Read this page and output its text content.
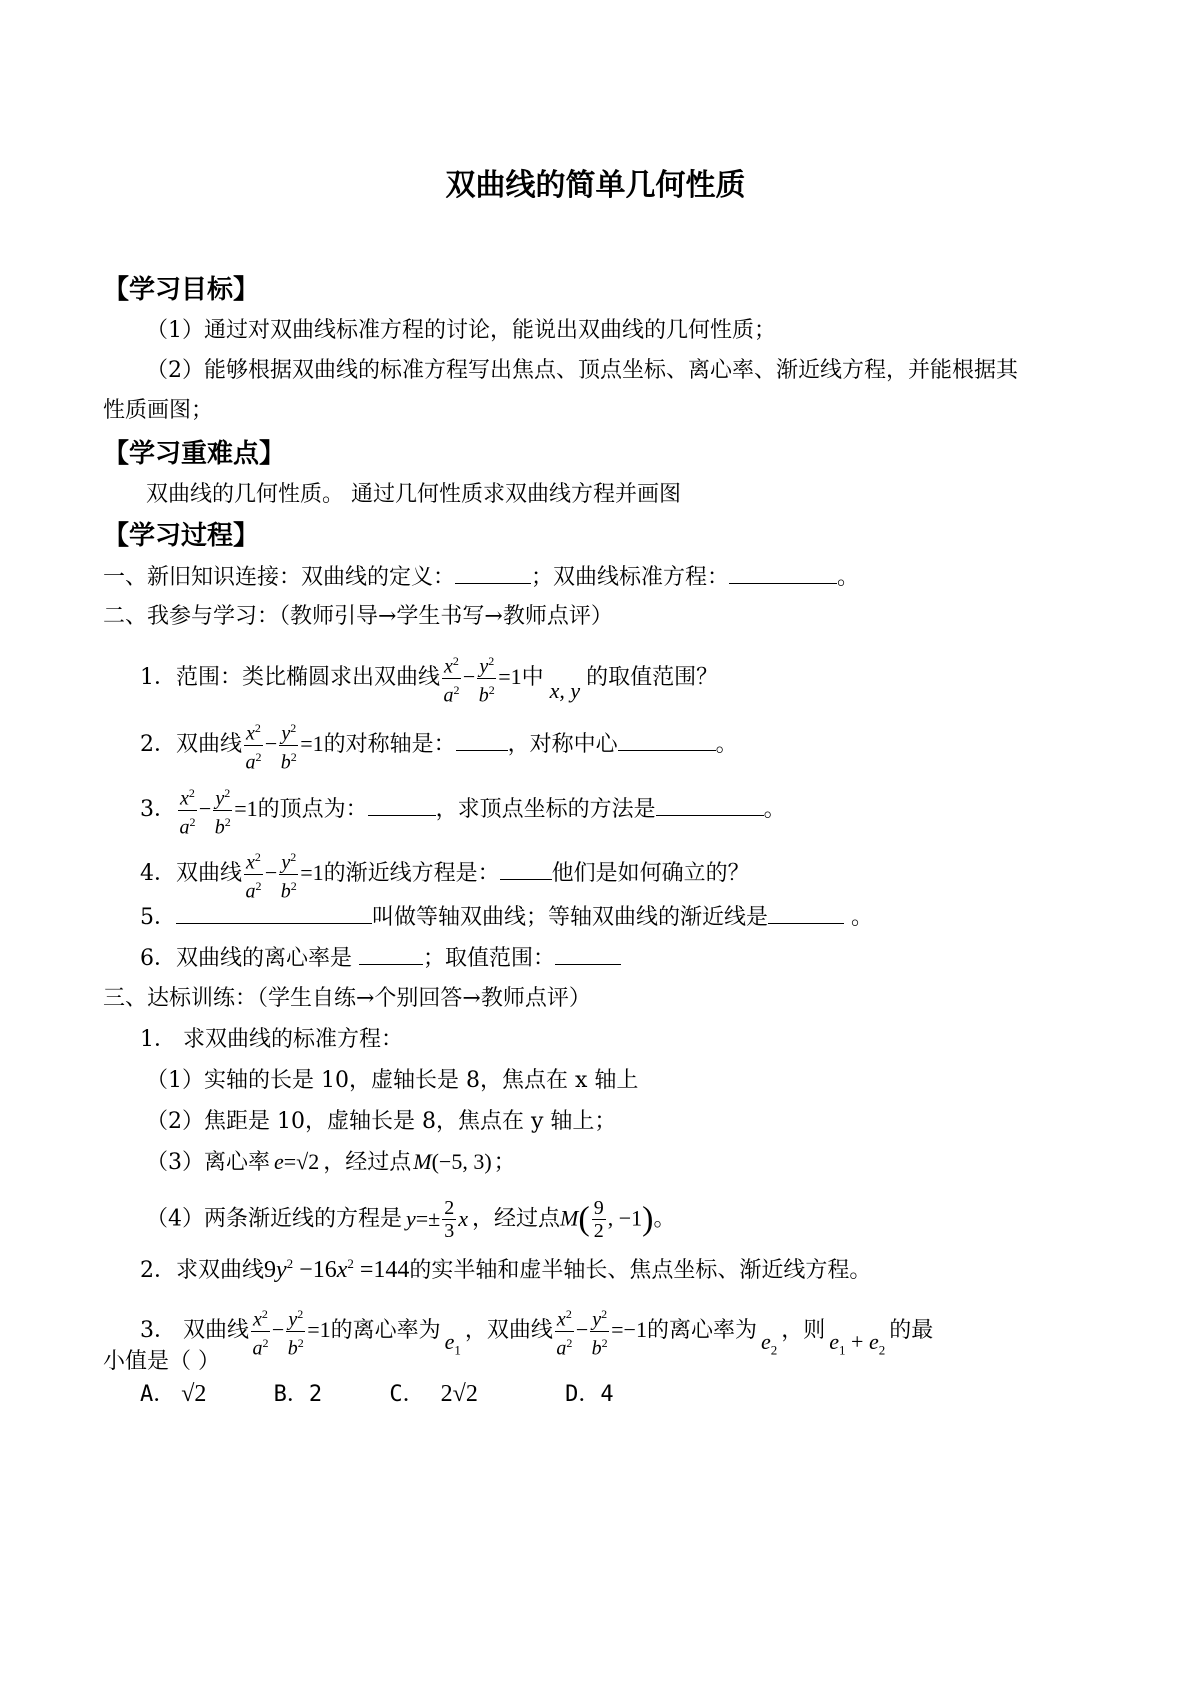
双曲线的简单几何性质
【学习目标】
（1）通过对双曲线标准方程的讨论，能说出双曲线的几何性质；
（2）能够根据双曲线的标准方程写出焦点、顶点坐标、离心率、渐近线方程，并能根据其
性质画图；
【学习重难点】
双曲线的几何性质。 通过几何性质求双曲线方程并画图
【学习过程】
一、新旧知识连接：双曲线的定义：	；双曲线标准方程：	。
二、我参与学习：（教师引导→学生书写→教师点评）
1．范围：类比椭圆求出双曲线 $\frac{x^2}{a^2} - \frac{y^2}{b^2} =1$中x, y的取值范围？
2．双曲线 $\frac{x^2}{a^2} - \frac{y^2}{b^2} =1$的对称轴是： ，对称中心	。
3． $\frac{x^2}{a^2} - \frac{y^2}{b^2} =1$的顶点为：	，求顶点坐标的方法是	。
4．双曲线 $\frac{x^2}{a^2} - \frac{y^2}{b^2} =1$的渐近线方程是： 他们是如何确立的？
5．	叫做等轴双曲线；等轴双曲线的渐近线是	。
6．双曲线的离心率是	；取值范围：
三、达标训练：（学生自练→个别回答→教师点评）
1． 求双曲线的标准方程：
（1）实轴的长是 10，虚轴长是 8，焦点在 x 轴上
（2）焦距是 10，虚轴长是 8，焦点在 y 轴上；
（3）离心率 e=√2 ，经过点M(−5, 3)；
（4）两条渐近线的方程是 $y=\pm \frac{2}{3}$ x ，经过点$M( \frac{9}{2}$ , −1)。
2．求双曲线$9y^2 -16x^2 =144$的实半轴和虚半轴长、焦点坐标、渐近线方程。
3． 双曲线 $\frac{x^2}{a^2} - \frac{y^2}{b^2} =1$的离心率为 $e_1$，双曲线 $\frac{x^2}{a^2} - \frac{y^2}{b^2} =-1$的离心率为 $e_2$，则 $e_1 + e_2$的最
小值是（ ）
A． √2	B．2	C． 2√2	D．4
